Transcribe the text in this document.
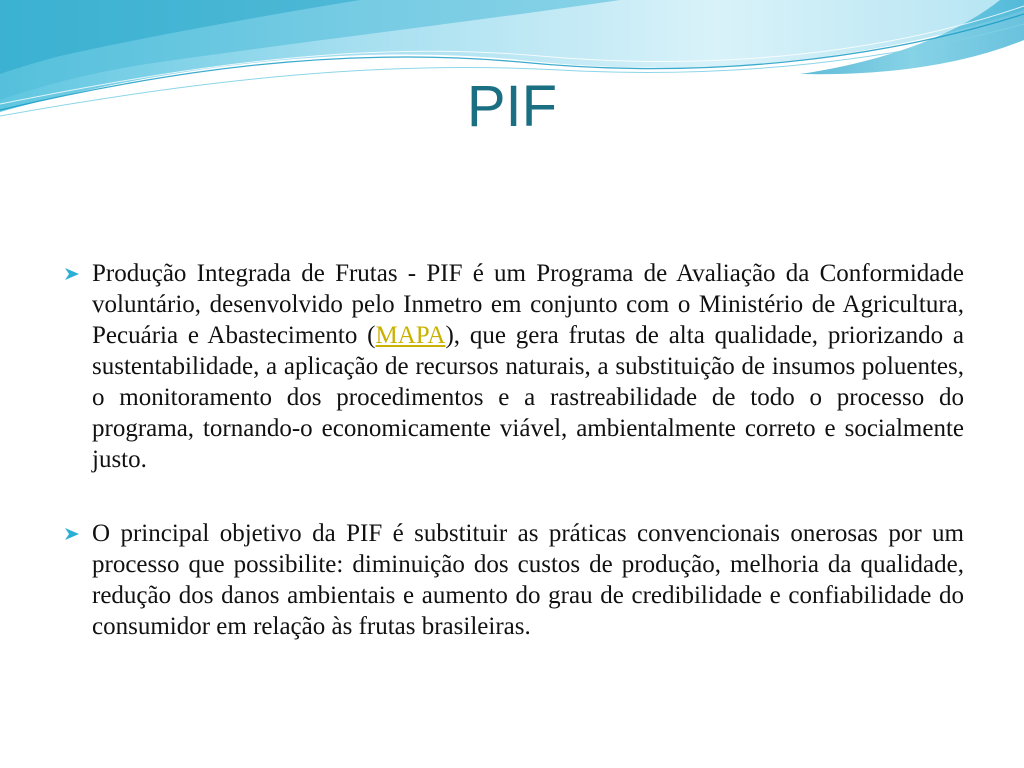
PIF
Produção Integrada de Frutas - PIF é um Programa de Avaliação da Conformidade voluntário, desenvolvido pelo Inmetro em conjunto com o Ministério de Agricultura, Pecuária e Abastecimento (MAPA), que gera frutas de alta qualidade, priorizando a sustentabilidade, a aplicação de recursos naturais, a substituição de insumos poluentes, o monitoramento dos procedimentos e a rastreabilidade de todo o processo do programa, tornando-o economicamente viável, ambientalmente correto e socialmente justo.
O principal objetivo da PIF é substituir as práticas convencionais onerosas por um processo que possibilite: diminuição dos custos de produção, melhoria da qualidade, redução dos danos ambientais e aumento do grau de credibilidade e confiabilidade do consumidor em relação às frutas brasileiras.
